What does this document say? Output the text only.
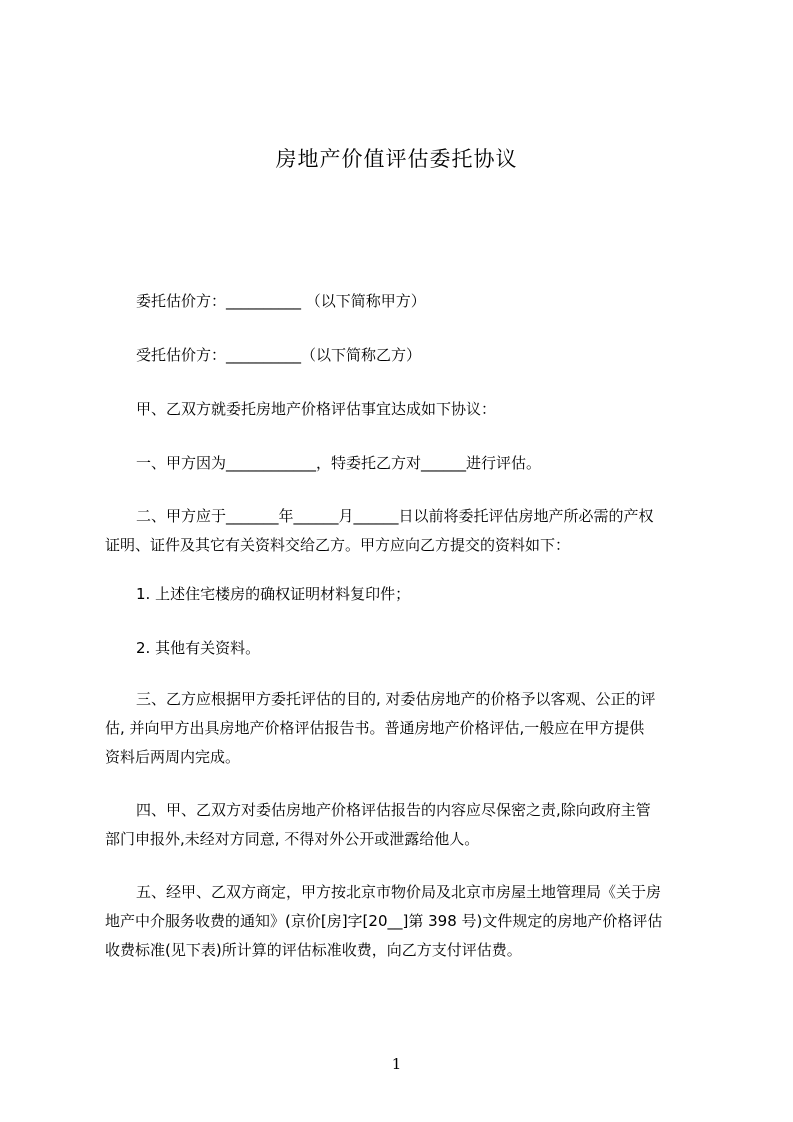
房地产价值评估委托协议
委托估价方：__________ （以下简称甲方）
受托估价方：__________（以下简称乙方）
甲、乙双方就委托房地产价格评估事宜达成如下协议：
一、甲方因为____________，特委托乙方对______进行评估。
二、甲方应于_______年______月______日以前将委托评估房地产所必需的产权
证明、证件及其它有关资料交给乙方。甲方应向乙方提交的资料如下：
1. 上述住宅楼房的确权证明材料复印件；
2. 其他有关资料。
三、乙方应根据甲方委托评估的目的, 对委估房地产的价格予以客观、公正的评
估, 并向甲方出具房地产价格评估报告书。普通房地产价格评估,一般应在甲方提供
资料后两周内完成。
四、甲、乙双方对委估房地产价格评估报告的内容应尽保密之责,除向政府主管
部门申报外,未经对方同意, 不得对外公开或泄露给他人。
五、经甲、乙双方商定，甲方按北京市物价局及北京市房屋土地管理局《关于房
地产中介服务收费的通知》(京价[房]字[20__]第 398 号)文件规定的房地产价格评估
收费标准(见下表)所计算的评估标准收费，向乙方支付评估费。
1
